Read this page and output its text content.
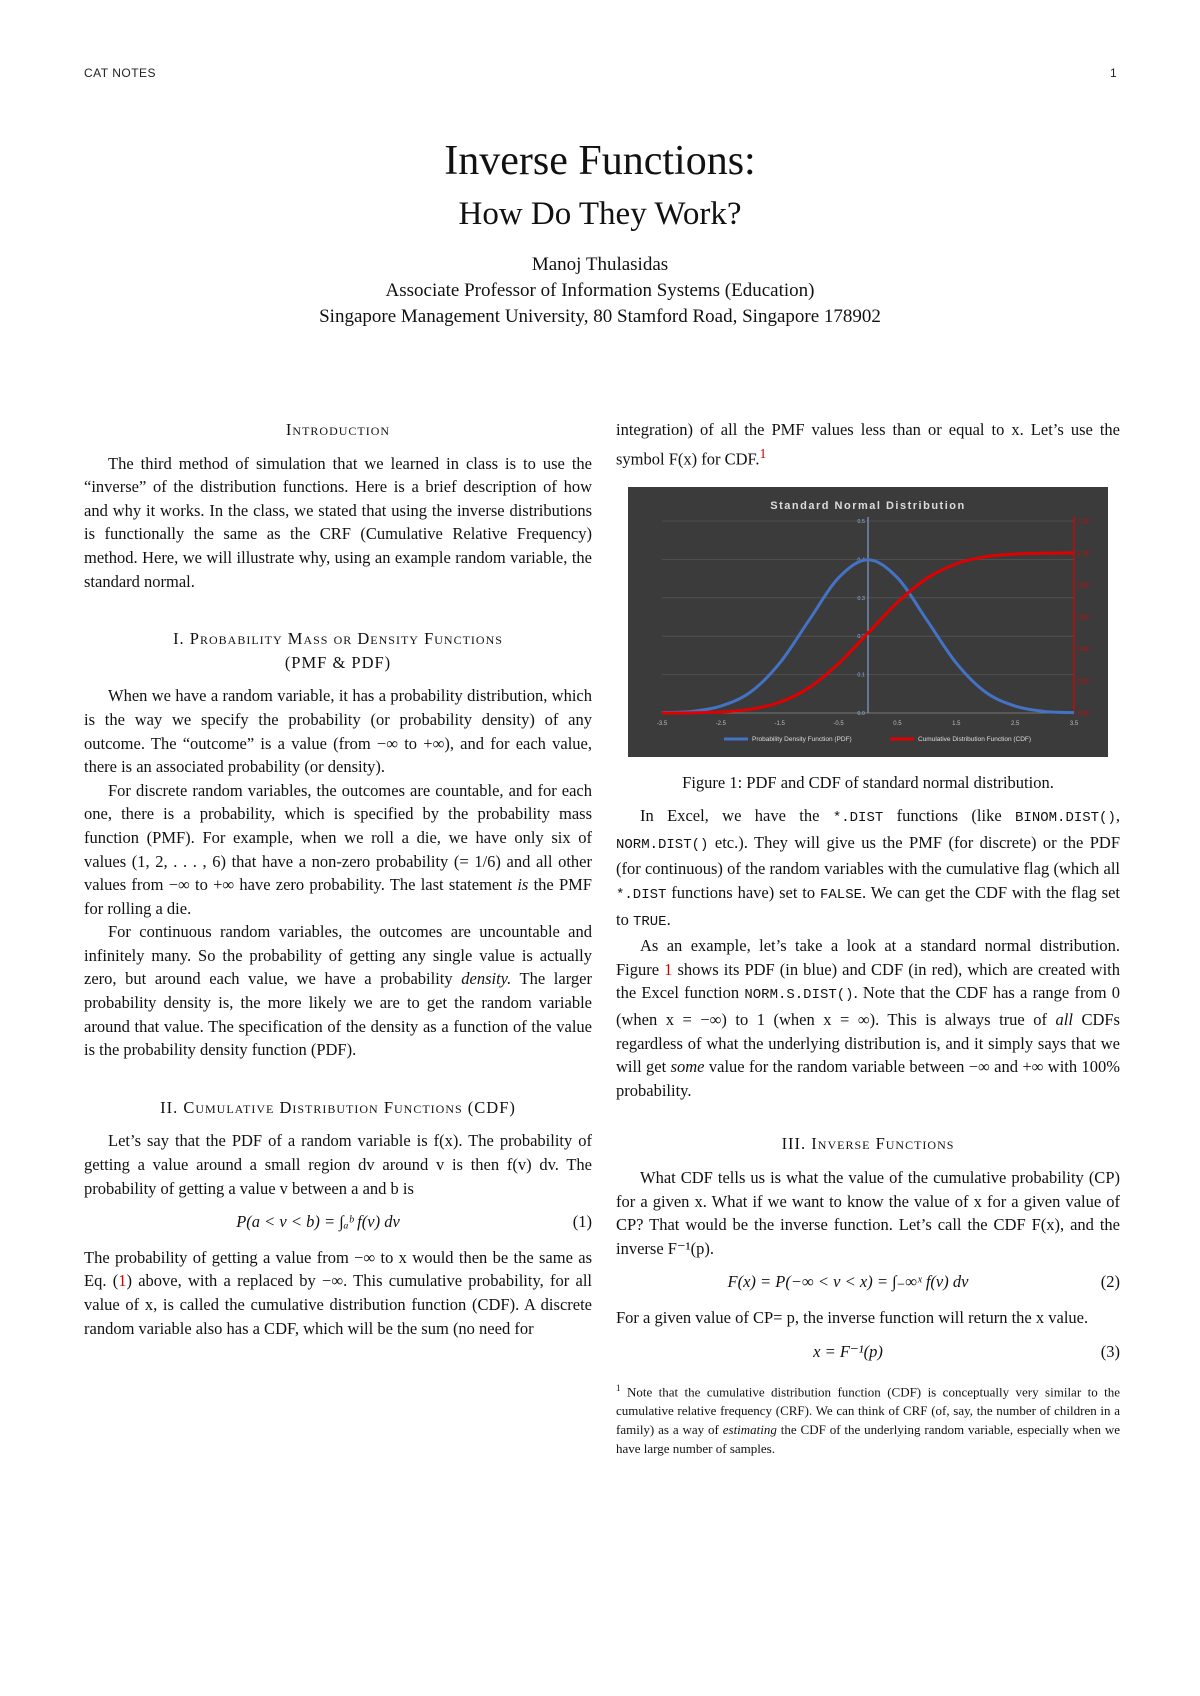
CAT NOTES	1
Inverse Functions:
How Do They Work?
Manoj Thulasidas
Associate Professor of Information Systems (Education)
Singapore Management University, 80 Stamford Road, Singapore 178902
Introduction

The third method of simulation that we learned in class is to use the “inverse” of the distribution functions. Here is a brief description of how and why it works. In the class, we stated that using the inverse distributions is functionally the same as the CRF (Cumulative Relative Frequency) method. Here, we will illustrate why, using an example random variable, the standard normal.

I. Probability Mass or Density Functions
(PMF & PDF)

When we have a random variable, it has a probability distribution, which is the way we specify the probability (or probability density) of any outcome. The “outcome” is a value (from −∞ to +∞), and for each value, there is an associated probability (or density).

For discrete random variables, the outcomes are countable, and for each one, there is a probability, which is specified by the probability mass function (PMF). For example, when we roll a die, we have only six of values (1, 2, . . . , 6) that have a non-zero probability (= 1/6) and all other values from −∞ to +∞ have zero probability. The last statement is the PMF for rolling a die.

For continuous random variables, the outcomes are uncountable and infinitely many. So the probability of getting any single value is actually zero, but around each value, we have a probability density. The larger probability density is, the more likely we are to get the random variable around that value. The specification of the density as a function of the value is the probability density function (PDF).

II. Cumulative Distribution Functions (CDF)

Let’s say that the PDF of a random variable is f(x). The probability of getting a value around a small region dv around v is then f(v) dv. The probability of getting a value v between a and b is

P(a < v < b) = ∫ₐᵇ f(v) dv	(1)

The probability of getting a value from −∞ to x would then be the same as Eq. (1) above, with a replaced by −∞. This cumulative probability, for all value of x, is called the cumulative distribution function (CDF). A discrete random variable also has a CDF, which will be the sum (no need for

integration) of all the PMF values less than or equal to x. Let’s use the symbol F(x) for CDF.$^1$

Standard Normal Distribution
-3.5	-2.5	-1.5	-0.5	0.5	1.5	2.5	3.5
0.0
0.1
0.2
0.3
0.4
0.5
0.00
0.20
0.40
0.60
0.80
1.00
1.20
Probability Density Function (PDF)	Cumulative Distribution Function (CDF)
Figure 1: PDF and CDF of standard normal distribution.

In Excel, we have the *.DIST functions (like BINOM.DIST(), NORM.DIST() etc.). They will give us the PMF (for discrete) or the PDF (for continuous) of the random variables with the cumulative flag (which all *.DIST functions have) set to FALSE. We can get the CDF with the flag set to TRUE.

As an example, let’s take a look at a standard normal distribution. Figure 1 shows its PDF (in blue) and CDF (in red), which are created with the Excel function NORM.S.DIST(). Note that the CDF has a range from 0 (when x = −∞) to 1 (when x = ∞). This is always true of all CDFs regardless of what the underlying distribution is, and it simply says that we will get some value for the random variable between −∞ and +∞ with 100% probability.

III. Inverse Functions

What CDF tells us is what the value of the cumulative probability (CP) for a given x. What if we want to know the value of x for a given value of CP? That would be the inverse function. Let’s call the CDF F(x), and the inverse F⁻¹(p).

F(x) = P(−∞ < v < x) = ∫₋∞ˣ f(v) dv	(2)

For a given value of CP= p, the inverse function will return the x value.

x = F⁻¹(p)	(3)
$^1$ Note that the cumulative distribution function (CDF) is conceptually very similar to the cumulative relative frequency (CRF). We can think of CRF (of, say, the number of children in a family) as a way of estimating the CDF of the underlying random variable, especially when we have large number of samples.
